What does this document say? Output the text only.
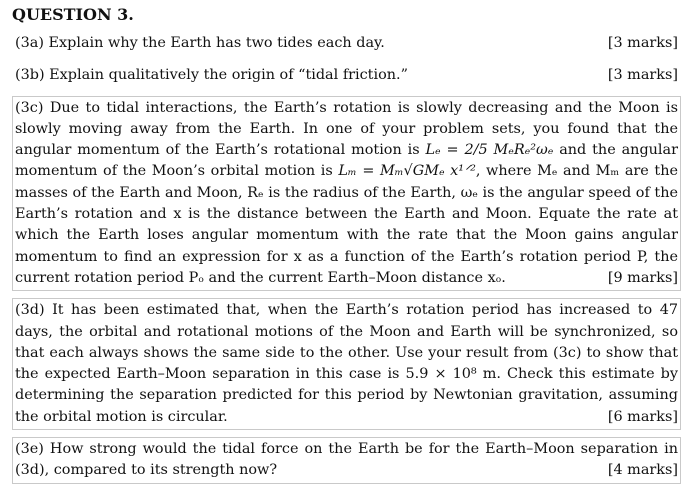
QUESTION 3.
[3 marks]
(3a) Explain why the Earth has two tides each day.
[3 marks]
(3b) Explain qualitatively the origin of “tidal friction.”
(3c) Due to tidal interactions, the Earth’s rotation is slowly decreasing and the Moon is slowly moving away from the Earth. In one of your problem sets, you found that the angular momentum of the Earth’s rotational motion is Lₑ = 2/5 MₑRₑ²ωₑ and the angular momentum of the Moon’s orbital motion is Lₘ = Mₘ√GMₑ x¹ᐟ², where Mₑ and Mₘ are the masses of the Earth and Moon, Rₑ is the radius of the Earth, ωₑ is the angular speed of the Earth’s rotation and x is the distance between the Earth and Moon. Equate the rate at which the Earth loses angular momentum with the rate that the Moon gains angular momentum to find an expression for x as a function of the Earth’s rotation period P, the current rotation period Pₒ and the current Earth–Moon distance xₒ.	[9 marks]
(3d) It has been estimated that, when the Earth’s rotation period has increased to 47 days, the orbital and rotational motions of the Moon and Earth will be synchronized, so that each always shows the same side to the other. Use your result from (3c) to show that the expected Earth–Moon separation in this case is 5.9 × 10⁸ m. Check this estimate by determining the separation predicted for this period by Newtonian gravitation, assuming the orbital motion is circular.	[6 marks]
(3e) How strong would the tidal force on the Earth be for the Earth–Moon separation in (3d), compared to its strength now?	[4 marks]
